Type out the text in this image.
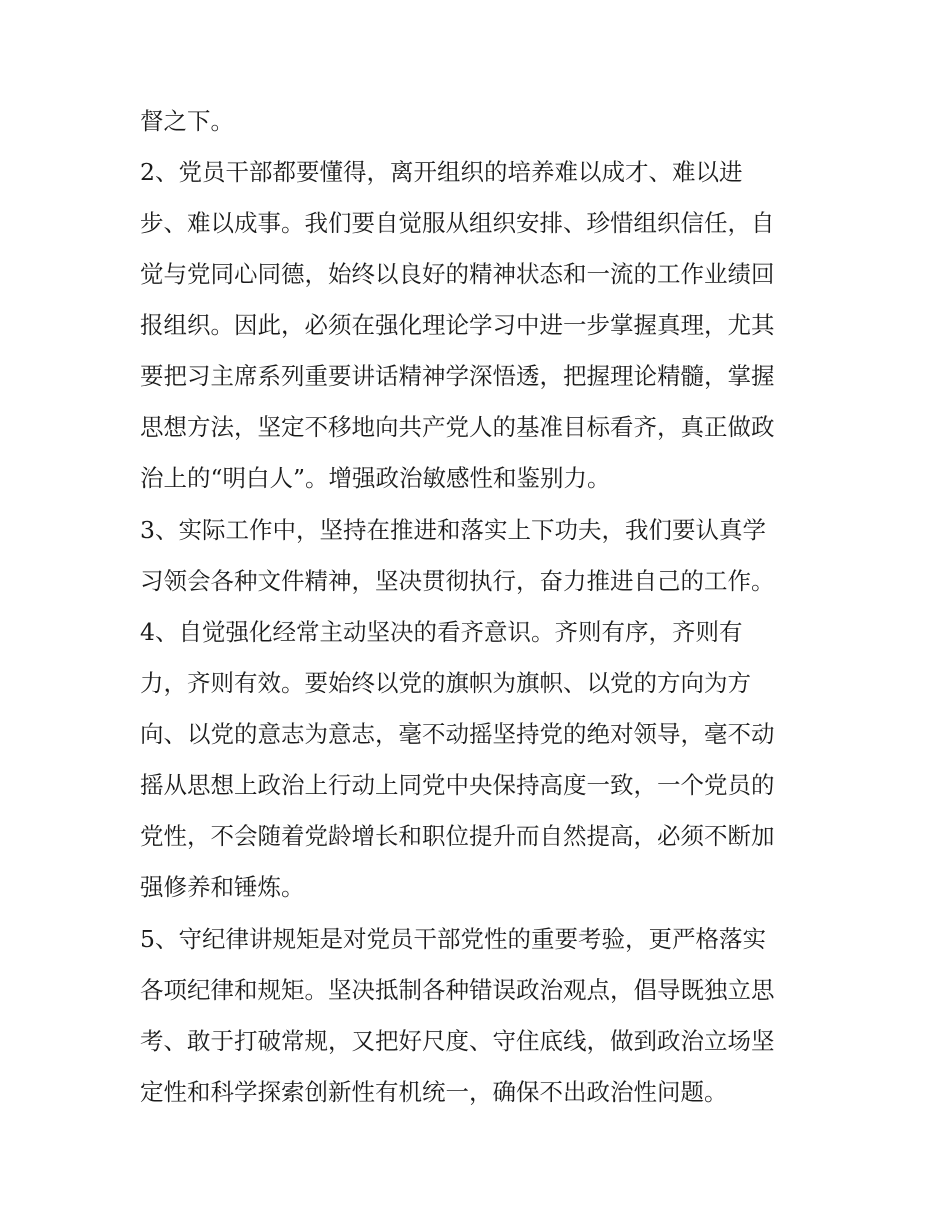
督之下。
2、党员干部都要懂得，离开组织的培养难以成才、难以进
步、难以成事。我们要自觉服从组织安排、珍惜组织信任，自
觉与党同心同德，始终以良好的精神状态和一流的工作业绩回
报组织。因此，必须在强化理论学习中进一步掌握真理，尤其
要把习主席系列重要讲话精神学深悟透，把握理论精髓，掌握
思想方法，坚定不移地向共产党人的基准目标看齐，真正做政
治上的“明白人”。增强政治敏感性和鉴别力。
3、实际工作中，坚持在推进和落实上下功夫，我们要认真学
习领会各种文件精神，坚决贯彻执行，奋力推进自己的工作。
4、自觉强化经常主动坚决的看齐意识。齐则有序，齐则有
力，齐则有效。要始终以党的旗帜为旗帜、以党的方向为方
向、以党的意志为意志，毫不动摇坚持党的绝对领导，毫不动
摇从思想上政治上行动上同党中央保持高度一致，一个党员的
党性，不会随着党龄增长和职位提升而自然提高，必须不断加
强修养和锤炼。
5、守纪律讲规矩是对党员干部党性的重要考验，更严格落实
各项纪律和规矩。坚决抵制各种错误政治观点，倡导既独立思
考、敢于打破常规，又把好尺度、守住底线，做到政治立场坚
定性和科学探索创新性有机统一，确保不出政治性问题。
